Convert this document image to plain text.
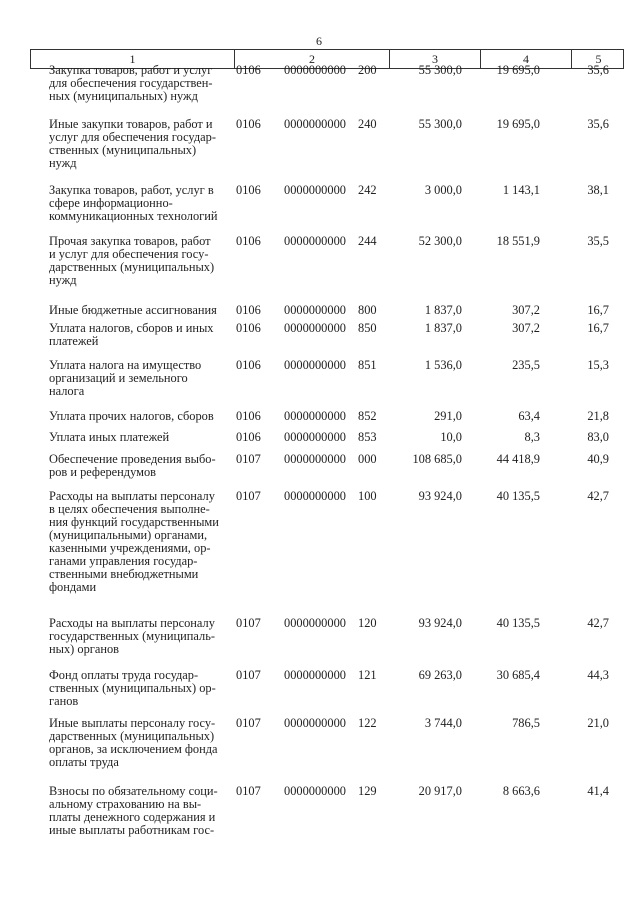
6
1	2	3	4	5
Закупка товаров, работ и услуг
для обеспечения государствен-
ных (муниципальных) нужд
0106 0000000000 200	55 300,0	19 695,0	35,6
Иные закупки товаров, работ и
услуг для обеспечения государ-
ственных (муниципальных)
нужд
0106 0000000000 240	55 300,0	19 695,0	35,6
Закупка товаров, работ, услуг в
сфере информационно-
коммуникационных технологий
0106 0000000000 242	3 000,0	1 143,1	38,1
Прочая закупка товаров, работ
и услуг для обеспечения госу-
дарственных (муниципальных)
нужд
0106 0000000000 244	52 300,0	18 551,9	35,5
Иные бюджетные ассигнования	0106 0000000000 800	1 837,0	307,2	16,7
Уплата налогов, сборов и иных
платежей
0106 0000000000 850	1 837,0	307,2	16,7
Уплата налога на имущество
организаций и земельного
налога
0106 0000000000 851	1 536,0	235,5	15,3
Уплата прочих налогов, сборов	0106 0000000000 852	291,0	63,4	21,8
Уплата иных платежей	0106 0000000000 853	10,0	8,3	83,0
Обеспечение проведения выбо-
ров и референдумов
0107 0000000000 000	108 685,0	44 418,9	40,9
Расходы на выплаты персоналу
в целях обеспечения выполне-
ния функций государственными
(муниципальными) органами,
казенными учреждениями, ор-
ганами управления государ-
ственными внебюджетными
фондами
0107 0000000000 100	93 924,0	40 135,5	42,7
Расходы на выплаты персоналу
государственных (муниципаль-
ных) органов
0107 0000000000 120	93 924,0	40 135,5	42,7
Фонд оплаты труда государ-
ственных (муниципальных) ор-
ганов
0107 0000000000 121	69 263,0	30 685,4	44,3
Иные выплаты персоналу госу-
дарственных (муниципальных)
органов, за исключением фонда
оплаты труда
0107 0000000000 122	3 744,0	786,5	21,0
Взносы по обязательному соци-
альному страхованию на вы-
платы денежного содержания и
иные выплаты работникам гос-
0107 0000000000 129	20 917,0	8 663,6	41,4
